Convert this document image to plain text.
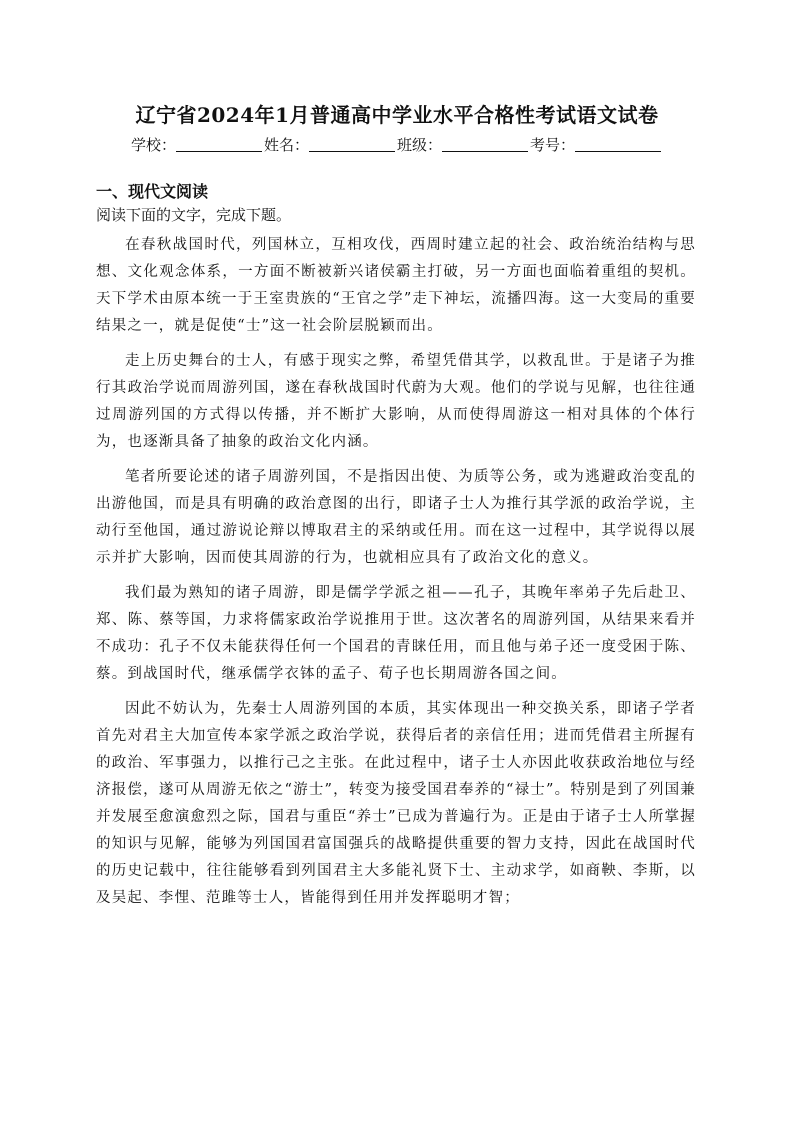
辽宁省2024年1月普通高中学业水平合格性考试语文试卷
学校：	姓名：	班级：	考号：
一、现代文阅读
阅读下面的文字，完成下题。

在春秋战国时代，列国林立，互相攻伐，西周时建立起的社会、政治统治结构与思想、文化观念体系，一方面不断被新兴诸侯霸主打破，另一方面也面临着重组的契机。天下学术由原本统一于王室贵族的“王官之学”走下神坛，流播四海。这一大变局的重要结果之一，就是促使“士”这一社会阶层脱颖而出。

走上历史舞台的士人，有感于现实之弊，希望凭借其学，以救乱世。于是诸子为推行其政治学说而周游列国，遂在春秋战国时代蔚为大观。他们的学说与见解，也往往通过周游列国的方式得以传播，并不断扩大影响，从而使得周游这一相对具体的个体行为，也逐渐具备了抽象的政治文化内涵。

笔者所要论述的诸子周游列国，不是指因出使、为质等公务，或为逃避政治变乱的出游他国，而是具有明确的政治意图的出行，即诸子士人为推行其学派的政治学说，主动行至他国，通过游说论辩以博取君主的采纳或任用。而在这一过程中，其学说得以展示并扩大影响，因而使其周游的行为，也就相应具有了政治文化的意义。

我们最为熟知的诸子周游，即是儒学学派之祖——孔子，其晚年率弟子先后赴卫、郑、陈、蔡等国，力求将儒家政治学说推用于世。这次著名的周游列国，从结果来看并不成功：孔子不仅未能获得任何一个国君的青睐任用，而且他与弟子还一度受困于陈、蔡。到战国时代，继承儒学衣钵的孟子、荀子也长期周游各国之间。

因此不妨认为，先秦士人周游列国的本质，其实体现出一种交换关系，即诸子学者首先对君主大加宣传本家学派之政治学说，获得后者的亲信任用；进而凭借君主所握有的政治、军事强力，以推行己之主张。在此过程中，诸子士人亦因此收获政治地位与经济报偿，遂可从周游无依之“游士”，转变为接受国君奉养的“禄士”。特别是到了列国兼并发展至愈演愈烈之际，国君与重臣“养士”已成为普遍行为。正是由于诸子士人所掌握的知识与见解，能够为列国国君富国强兵的战略提供重要的智力支持，因此在战国时代的历史记载中，往往能够看到列国君主大多能礼贤下士、主动求学，如商鞅、李斯，以及吴起、李悝、范雎等士人，皆能得到任用并发挥聪明才智；
